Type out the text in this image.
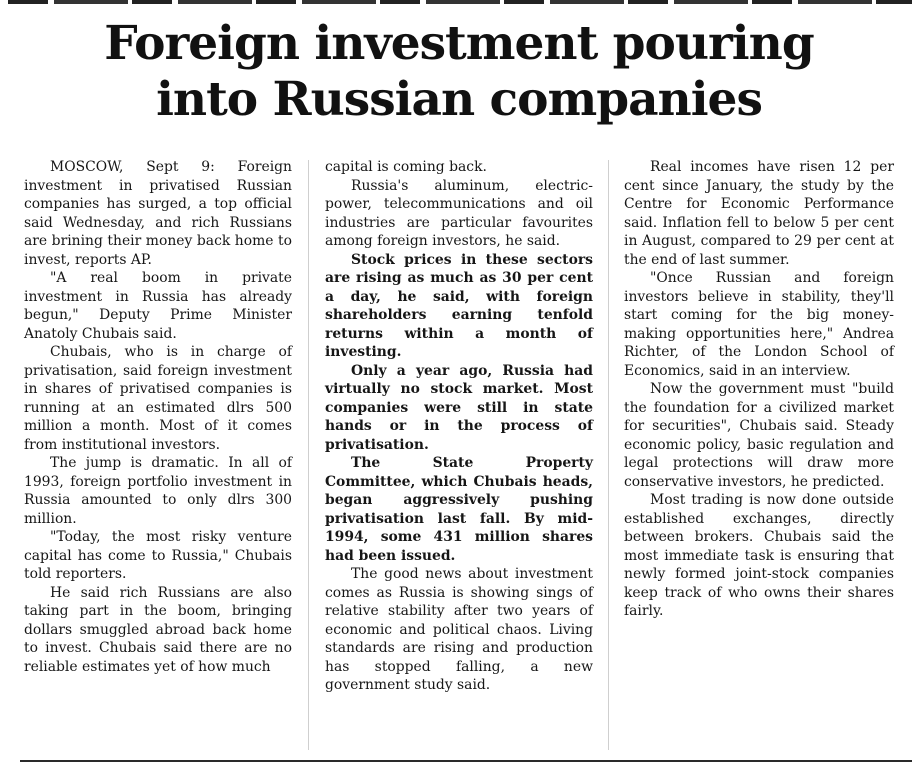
Foreign investment pouring
into Russian companies

MOSCOW, Sept 9: Foreign investment in privatised Russian companies has surged, a top official said Wednesday, and rich Russians are brining their money back home to invest, reports AP.

"A real boom in private investment in Russia has already begun," Deputy Prime Minister Anatoly Chubais said.

Chubais, who is in charge of privatisation, said foreign investment in shares of privatised companies is running at an estimated dlrs 500 million a month. Most of it comes from institutional investors.

The jump is dramatic. In all of 1993, foreign portfolio investment in Russia amounted to only dlrs 300 million.

"Today, the most risky venture capital has come to Russia," Chubais told reporters.

He said rich Russians are also taking part in the boom, bringing dollars smuggled abroad back home to invest. Chubais said there are no reliable estimates yet of how much

capital is coming back.

Russia's aluminum, electric-power, telecommunications and oil industries are particular favourites among foreign investors, he said.

Stock prices in these sectors are rising as much as 30 per cent a day, he said, with foreign shareholders earning tenfold returns within a month of investing.

Only a year ago, Russia had virtually no stock market. Most companies were still in state hands or in the process of privatisation.

The State Property Committee, which Chubais heads, began aggressively pushing privatisation last fall. By mid-1994, some 431 million shares had been issued.

The good news about investment comes as Russia is showing sings of relative stability after two years of economic and political chaos. Living standards are rising and production has stopped falling, a new government study said.

Real incomes have risen 12 per cent since January, the study by the Centre for Economic Performance said. Inflation fell to below 5 per cent in August, compared to 29 per cent at the end of last summer.

"Once Russian and foreign investors believe in stability, they'll start coming for the big money-making opportunities here," Andrea Richter, of the London School of Economics, said in an interview.

Now the government must "build the foundation for a civilized market for securities", Chubais said. Steady economic policy, basic regulation and legal protections will draw more conservative investors, he predicted.

Most trading is now done outside established exchanges, directly between brokers. Chubais said the most immediate task is ensuring that newly formed joint-stock companies keep track of who owns their shares fairly.
